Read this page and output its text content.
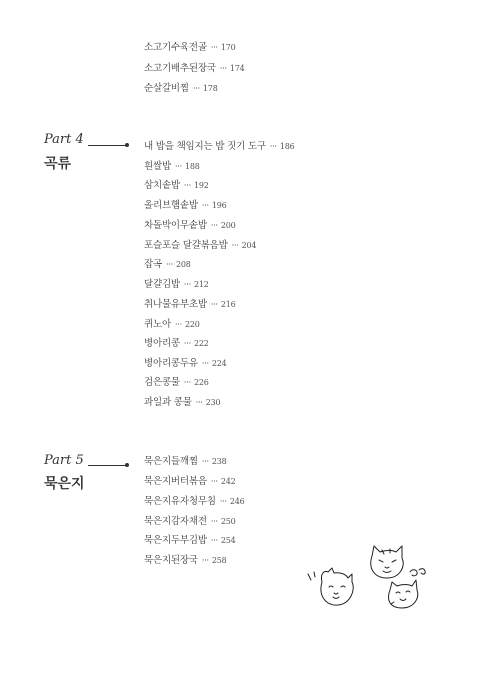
소고기수육전골 ··· 170
소고기배추된장국 ··· 174
순살갈비찜 ··· 178
Part 4
곡류
내 밥을 책임지는 밥 짓기 도구 ··· 186
흰쌀밥 ··· 188
삼치솥밥 ··· 192
올리브햄솥밥 ··· 196
차돌박이무솥밥 ··· 200
포슬포슬 달걀볶음밥 ··· 204
잡곡 ··· 208
달걀김밥 ··· 212
취나물유부초밥 ··· 216
퀴노아 ··· 220
병아리콩 ··· 222
병아리콩두유 ··· 224
검은콩물 ··· 226
과일과 콩물 ··· 230
Part 5
묵은지
묵은지들깨찜 ··· 238
묵은지버터볶음 ··· 242
묵은지유자청무침 ··· 246
묵은지감자채전 ··· 250
묵은지두부김밥 ··· 254
묵은지된장국 ··· 258
